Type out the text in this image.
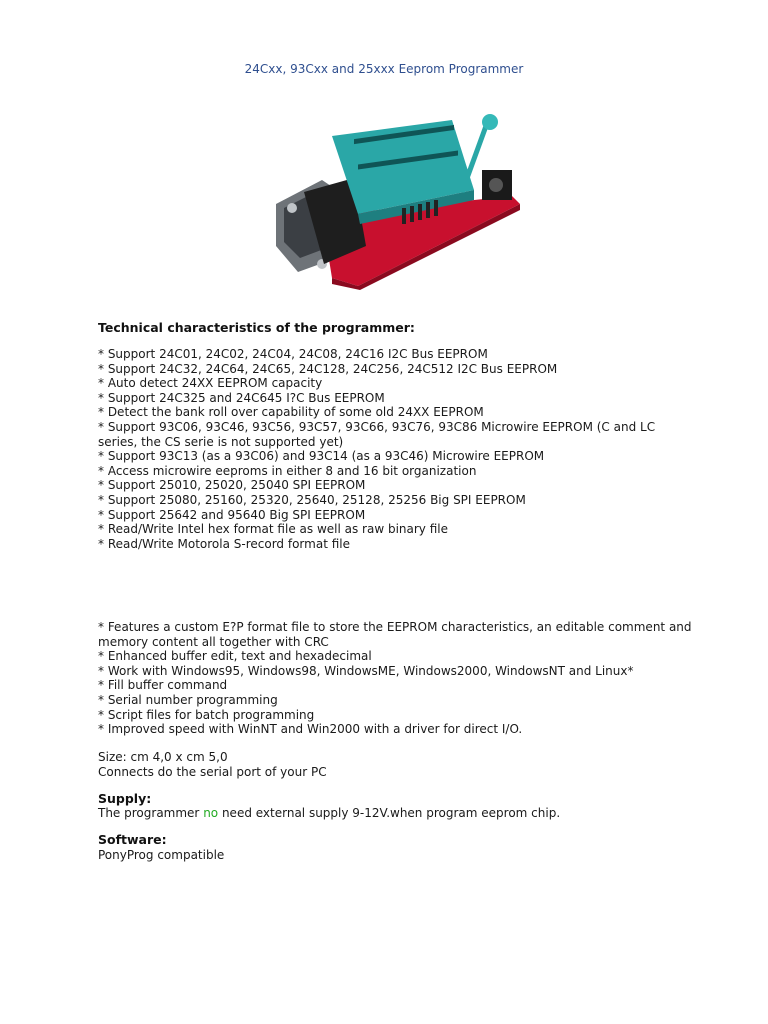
24Cxx, 93Cxx and 25xxx Eeprom Programmer
Technical characteristics of the programmer:
* Support 24C01, 24C02, 24C04, 24C08, 24C16 I2C Bus EEPROM
* Support 24C32, 24C64, 24C65, 24C128, 24C256, 24C512 I2C Bus EEPROM
* Auto detect 24XX EEPROM capacity
* Support 24C325 and 24C645 I?C Bus EEPROM
* Detect the bank roll over capability of some old 24XX EEPROM
* Support 93C06, 93C46, 93C56, 93C57, 93C66, 93C76, 93C86 Microwire EEPROM (C and LC series, the CS serie is not supported yet)
* Support 93C13 (as a 93C06) and 93C14 (as a 93C46) Microwire EEPROM
* Access microwire eeproms in either 8 and 16 bit organization
* Support 25010, 25020, 25040 SPI EEPROM
* Support 25080, 25160, 25320, 25640, 25128, 25256 Big SPI EEPROM
* Support 25642 and 95640 Big SPI EEPROM
* Read/Write Intel hex format file as well as raw binary file
* Read/Write Motorola S-record format file
* Features a custom E?P format file to store the EEPROM characteristics, an editable comment and memory content all together with CRC
* Enhanced buffer edit, text and hexadecimal
* Work with Windows95, Windows98, WindowsME, Windows2000, WindowsNT and Linux*
* Fill buffer command
* Serial number programming
* Script files for batch programming
* Improved speed with WinNT and Win2000 with a driver for direct I/O.
Size: cm 4,0 x cm 5,0
Connects do the serial port of your PC
Supply:
The programmer no need external supply 9-12V.when program eeprom chip.
Software:
PonyProg compatible
